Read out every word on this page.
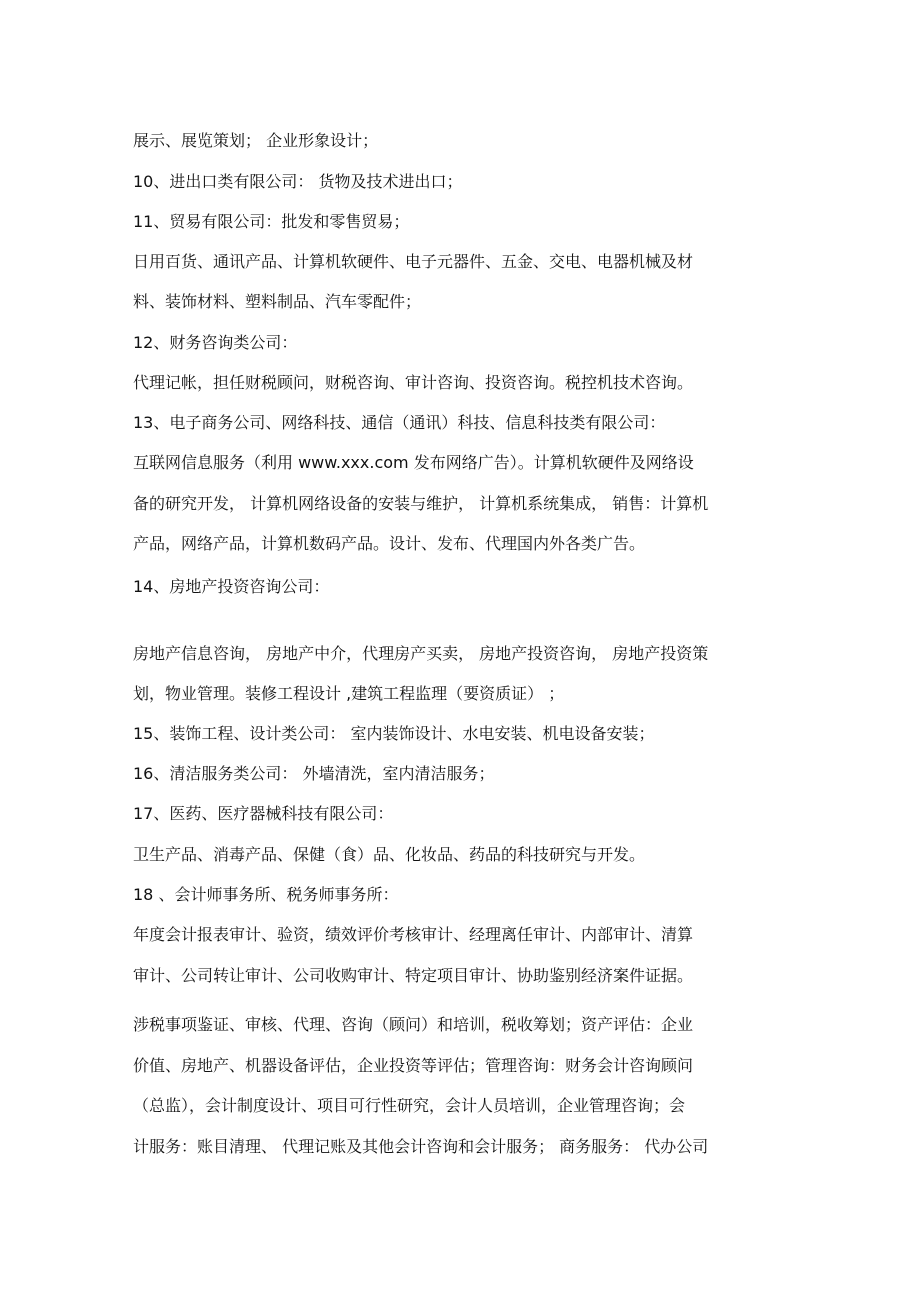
展示、展览策划； 企业形象设计；
10、进出口类有限公司： 货物及技术进出口；
11、贸易有限公司：批发和零售贸易；
日用百货、通讯产品、计算机软硬件、电子元器件、五金、交电、电器机械及材
料、装饰材料、塑料制品、汽车零配件；
12、财务咨询类公司：
代理记帐，担任财税顾问，财税咨询、审计咨询、投资咨询。税控机技术咨询。
13、电子商务公司、网络科技、通信（通讯）科技、信息科技类有限公司：
互联网信息服务（利用 www.xxx.com 发布网络广告）。计算机软硬件及网络设
备的研究开发， 计算机网络设备的安装与维护， 计算机系统集成， 销售：计算机
产品，网络产品，计算机数码产品。设计、发布、代理国内外各类广告。
14、房地产投资咨询公司：
房地产信息咨询， 房地产中介，代理房产买卖， 房地产投资咨询， 房地产投资策
划，物业管理。装修工程设计 ,建筑工程监理（要资质证） ；
15、装饰工程、设计类公司： 室内装饰设计、水电安装、机电设备安装；
16、清洁服务类公司： 外墙清洗，室内清洁服务；
17、医药、医疗器械科技有限公司：
卫生产品、消毒产品、保健（食）品、化妆品、药品的科技研究与开发。
18 、会计师事务所、税务师事务所：
年度会计报表审计、验资，绩效评价考核审计、经理离任审计、内部审计、清算
审计、公司转让审计、公司收购审计、特定项目审计、协助鉴别经济案件证据。
涉税事项鉴证、审核、代理、咨询（顾问）和培训，税收筹划；资产评估：企业
价值、房地产、机器设备评估，企业投资等评估；管理咨询：财务会计咨询顾问
（总监），会计制度设计、项目可行性研究，会计人员培训，企业管理咨询；会
计服务：账目清理、 代理记账及其他会计咨询和会计服务； 商务服务： 代办公司
